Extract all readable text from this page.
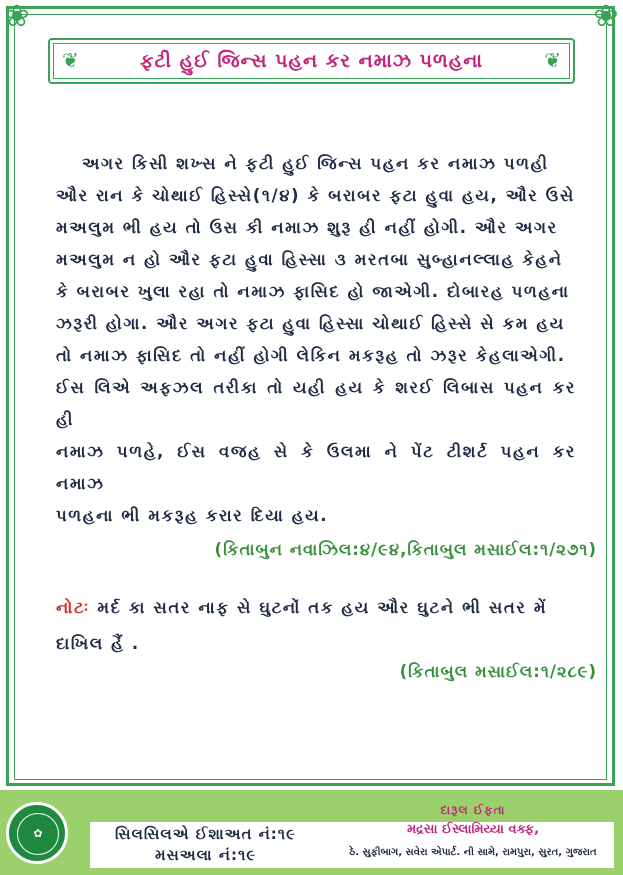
❀	❀
❦	ફટી હુઈ જિન્સ પહન કર નમાઝ પળહના	❦
અગર કિસી શખ્સ ને ફટી હુઈ જિન્સ પહન કર નમાઝ પળહી
ઔર રાન કે ચોથાઈ હિસ્સે(૧/૪) કે બરાબર ફટા હુવા હય, ઔર ઉસે
મઅલુમ ભી હય તો ઉસ કી નમાઝ શુરૂ હી નહીં હોગી. ઔર અગર
મઅલુમ ન હો ઔર ફટા હુવા હિસ્સા ૩ મરતબા સુબ્હાનલ્લાહ કેહને
કે બરાબર ખુલા રહા તો નમાઝ ફાસિદ હો જાએગી. દોબારહ પળહના
ઝરૂરી હોગા. ઔર અગર ફટા હુવા હિસ્સા ચોથાઈ હિસ્સે સે કમ હય
તો નમાઝ ફાસિદ તો નહીં હોગી લેકિન મકરૂહ તો ઝરૂર કેહલાએગી.
ઈસ લિએ અફઝલ તરીકા તો યહી હય કે શરઈ લિબાસ પહન કર હી
નમાઝ પળહે, ઈસ વજહ સે કે ઉલમા ને પેંટ ટીશર્ટ પહન કર નમાઝ
પળહના ભી મકરૂહ કરાર દિયા હય.
(કિતાબુન નવાઝિલ:૪/૯૪,કિતાબુલ મસાઈલ:૧/૨૭૧)
નોટઃ મર્દ કા સતર નાફ સે ઘુટનોં તક હય ઔર ઘુટને ભી સતર મેં
દાખિલ હૈં .
(કિતાબુલ મસાઈલ:૧/૨૮૯)
✿	સિલસિલએ ઈશાઅત નં:૧૯
મસઅલા નં:૧૯
દારૂલ ઈફતા
મદ્રસા ઈસ્લામિય્યા વક્ફ,
ઠે. સુફીબાગ, સવેરા એપાર્ટ. ની સામે, રામપુરા, સુરત, ગુજરાત
